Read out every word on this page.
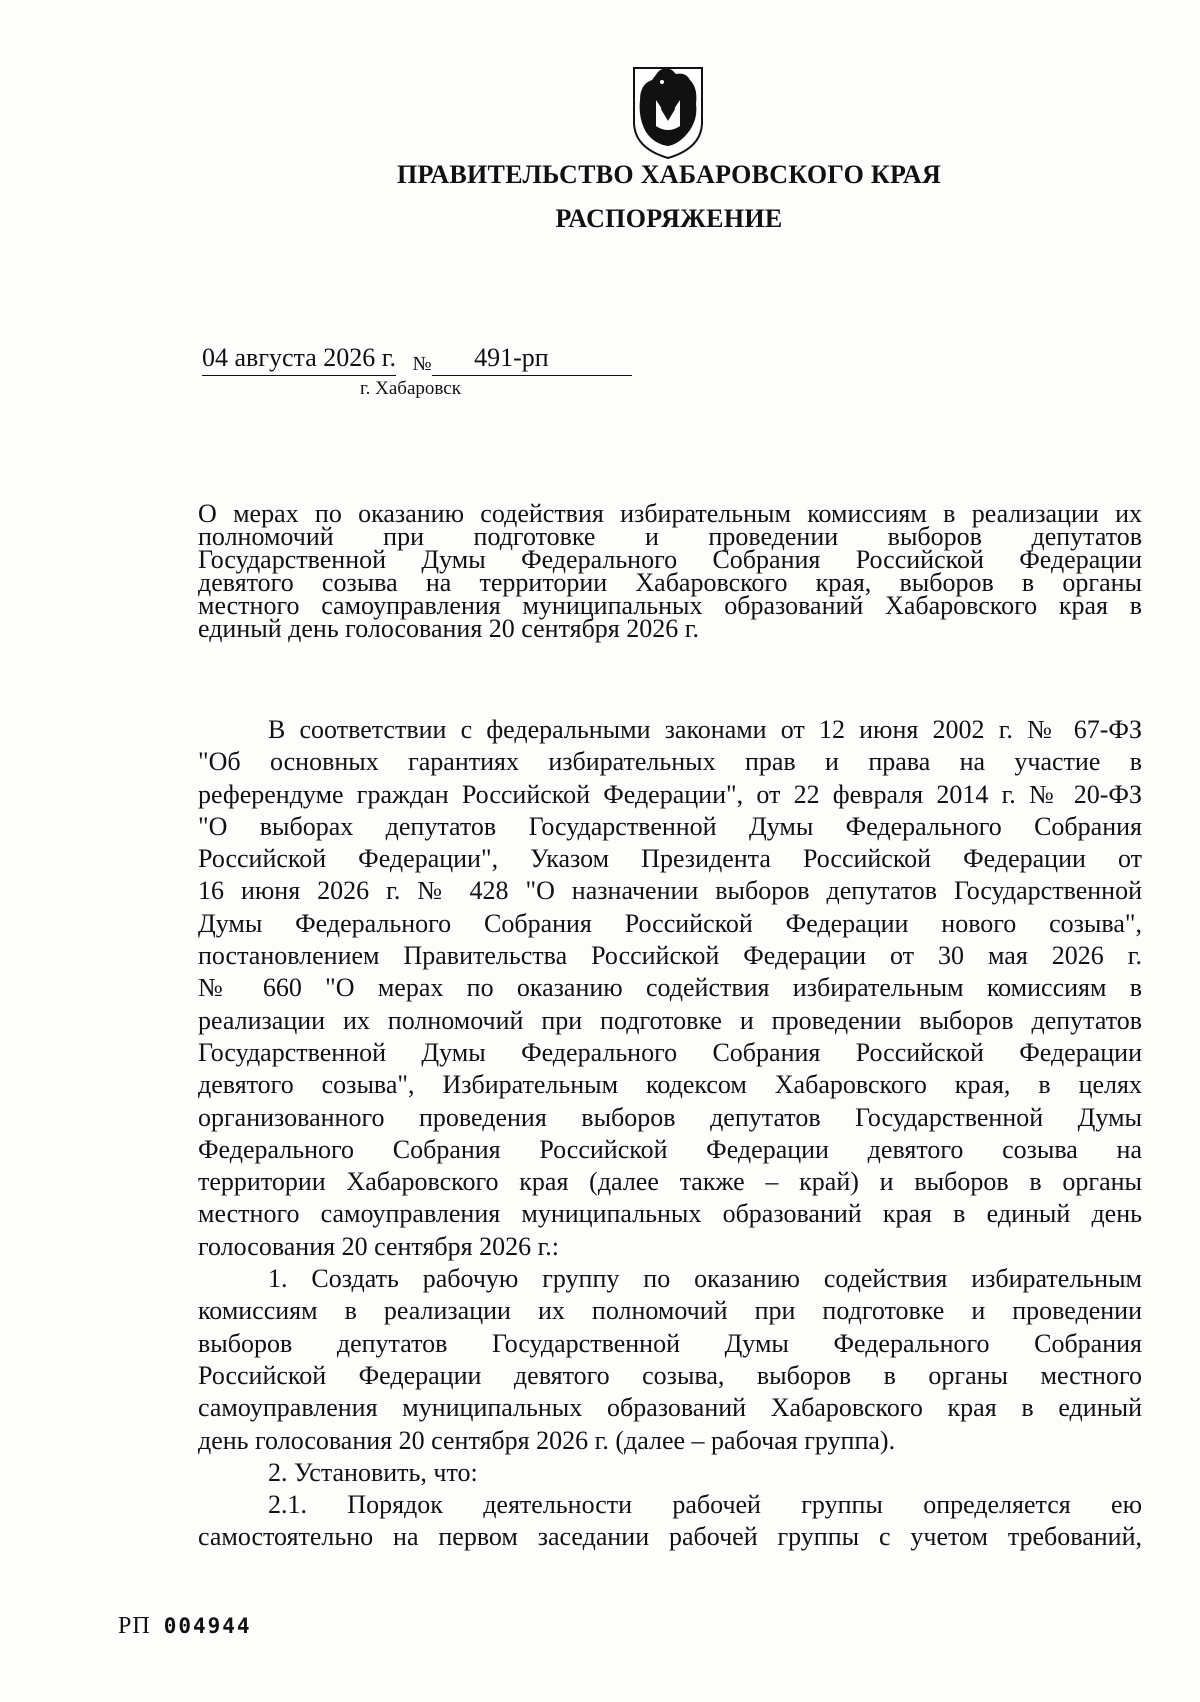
ПРАВИТЕЛЬСТВО ХАБАРОВСКОГО КРАЯ
РАСПОРЯЖЕНИЕ
04 августа 2026 г. № 491-рп
г. Хабаровск
О мерах по оказанию содействия избирательным комиссиям в реализации их
полномочий при подготовке и проведении выборов депутатов
Государственной Думы Федерального Собрания Российской Федерации
девятого созыва на территории Хабаровского края, выборов в органы
местного самоуправления муниципальных образований Хабаровского края в
единый день голосования 20 сентября 2026 г.
В соответствии с федеральными законами от 12 июня 2002 г. № 67-ФЗ
"Об основных гарантиях избирательных прав и права на участие в
референдуме граждан Российской Федерации", от 22 февраля 2014 г. № 20-ФЗ
"О выборах депутатов Государственной Думы Федерального Собрания
Российской Федерации", Указом Президента Российской Федерации от
16 июня 2026 г. № 428 "О назначении выборов депутатов Государственной
Думы Федерального Собрания Российской Федерации нового созыва",
постановлением Правительства Российской Федерации от 30 мая 2026 г.
№ 660 "О мерах по оказанию содействия избирательным комиссиям в
реализации их полномочий при подготовке и проведении выборов депутатов
Государственной Думы Федерального Собрания Российской Федерации
девятого созыва", Избирательным кодексом Хабаровского края, в целях
организованного проведения выборов депутатов Государственной Думы
Федерального Собрания Российской Федерации девятого созыва на
территории Хабаровского края (далее также – край) и выборов в органы
местного самоуправления муниципальных образований края в единый день
голосования 20 сентября 2026 г.:
1. Создать рабочую группу по оказанию содействия избирательным
комиссиям в реализации их полномочий при подготовке и проведении
выборов депутатов Государственной Думы Федерального Собрания
Российской Федерации девятого созыва, выборов в органы местного
самоуправления муниципальных образований Хабаровского края в единый
день голосования 20 сентября 2026 г. (далее – рабочая группа).
2. Установить, что:
2.1. Порядок деятельности рабочей группы определяется ею
самостоятельно на первом заседании рабочей группы с учетом требований,
РП 004944
